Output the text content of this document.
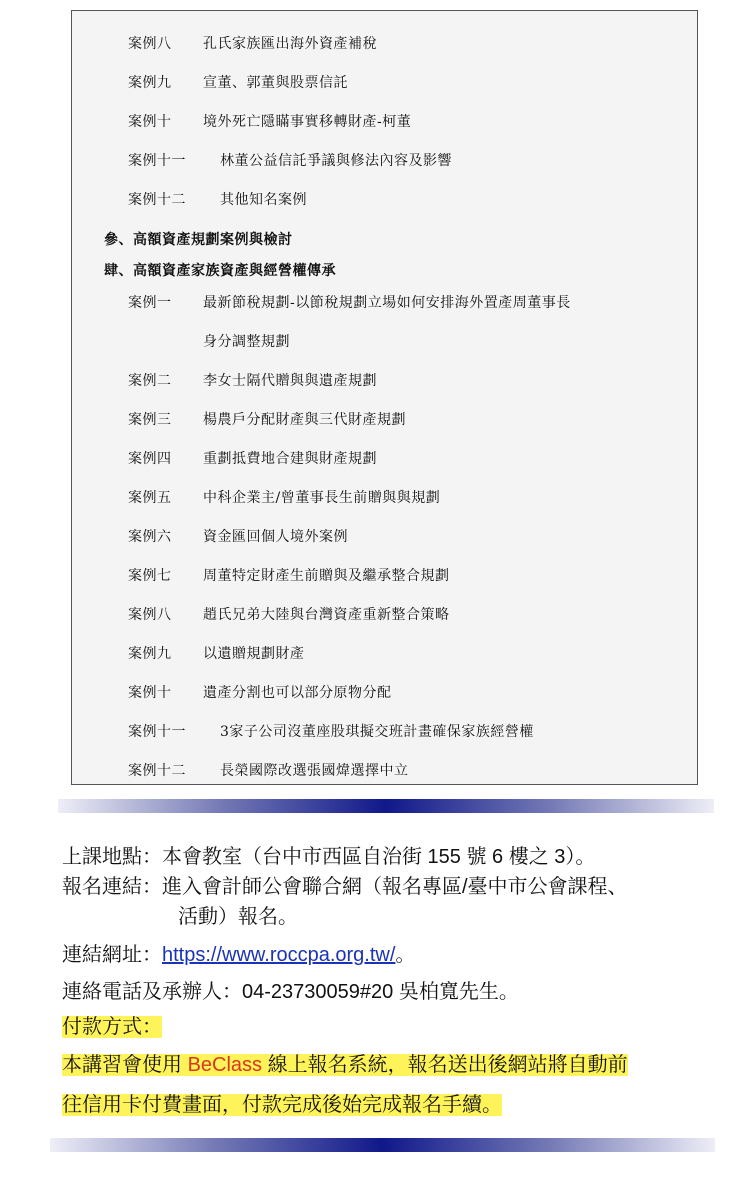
案例八 孔氏家族匯出海外資產補稅
案例九 宣董、郭董與股票信託
案例十 境外死亡隱瞞事實移轉財產-柯董
案例十一 林董公益信託爭議與修法內容及影響
案例十二 其他知名案例
參、高額資產規劃案例與檢討
肆、高額資產家族資產與經營權傳承
案例一 最新節稅規劃-以節稅規劃立場如何安排海外置產周董事長
身分調整規劃
案例二 李女士隔代贈與與遺產規劃
案例三 楊農戶分配財產與三代財產規劃
案例四 重劃抵費地合建與財產規劃
案例五 中科企業主/曾董事長生前贈與與規劃
案例六 資金匯回個人境外案例
案例七 周董特定財產生前贈與及繼承整合規劃
案例八 趙氏兄弟大陸與台灣資產重新整合策略
案例九 以遺贈規劃財產
案例十 遺產分割也可以部分原物分配
案例十一 3家子公司沒董座股琪擬交班計畫確保家族經營權
案例十二 長榮國際改選張國煒選擇中立
上課地點：本會教室（台中市西區自治街 155 號 6 樓之 3）。
報名連結：進入會計師公會聯合網（報名專區/臺中市公會課程、
活動）報名。
連結網址：https://www.roccpa.org.tw/。
連絡電話及承辦人：04-23730059#20 吳柏寬先生。
付款方式：
本講習會使用 BeClass 線上報名系統，報名送出後網站將自動前
往信用卡付費畫面，付款完成後始完成報名手續。
